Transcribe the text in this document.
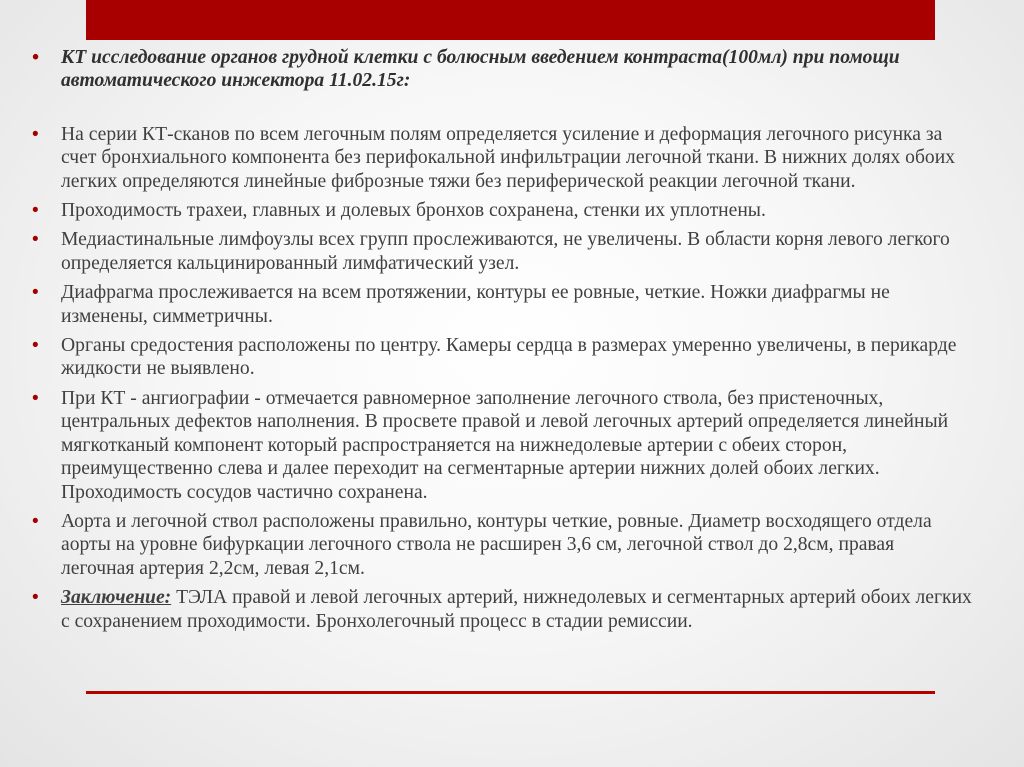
• КТ исследование органов грудной клетки с болюсным введением контраста(100мл) при помощи автоматического инжектора 11.02.15г:
• На серии КТ-сканов по всем легочным полям определяется усиление и деформация легочного рисунка за счет бронхиального компонента без перифокальной инфильтрации легочной ткани. В нижних долях обоих легких определяются линейные фиброзные тяжи без периферической реакции легочной ткани.
• Проходимость трахеи, главных и долевых бронхов сохранена, стенки их уплотнены.
• Медиастинальные лимфоузлы всех групп прослеживаются, не увеличены. В области корня левого легкого определяется кальцинированный лимфатический узел.
• Диафрагма прослеживается на всем протяжении, контуры ее ровные, четкие. Ножки диафрагмы не изменены, симметричны.
• Органы средостения расположены по центру. Камеры сердца в размерах умеренно увеличены, в перикарде жидкости не выявлено.
• При КТ - ангиографии - отмечается равномерное заполнение легочного ствола, без пристеночных, центральных дефектов наполнения. В просвете правой и левой легочных артерий определяется линейный мягкотканый компонент который распространяется на нижнедолевые артерии с обеих сторон, преимущественно слева и далее переходит на сегментарные артерии нижних долей обоих легких. Проходимость сосудов частично сохранена.
• Аорта и легочной ствол расположены правильно, контуры четкие, ровные. Диаметр восходящего отдела аорты на уровне бифуркации легочного ствола не расширен 3,6 см, легочной ствол до 2,8см, правая легочная артерия 2,2см, левая 2,1см.
• Заключение: ТЭЛА правой и левой легочных артерий, нижнедолевых и сегментарных артерий обоих легких с сохранением проходимости. Бронхолегочный процесс в стадии ремиссии.
